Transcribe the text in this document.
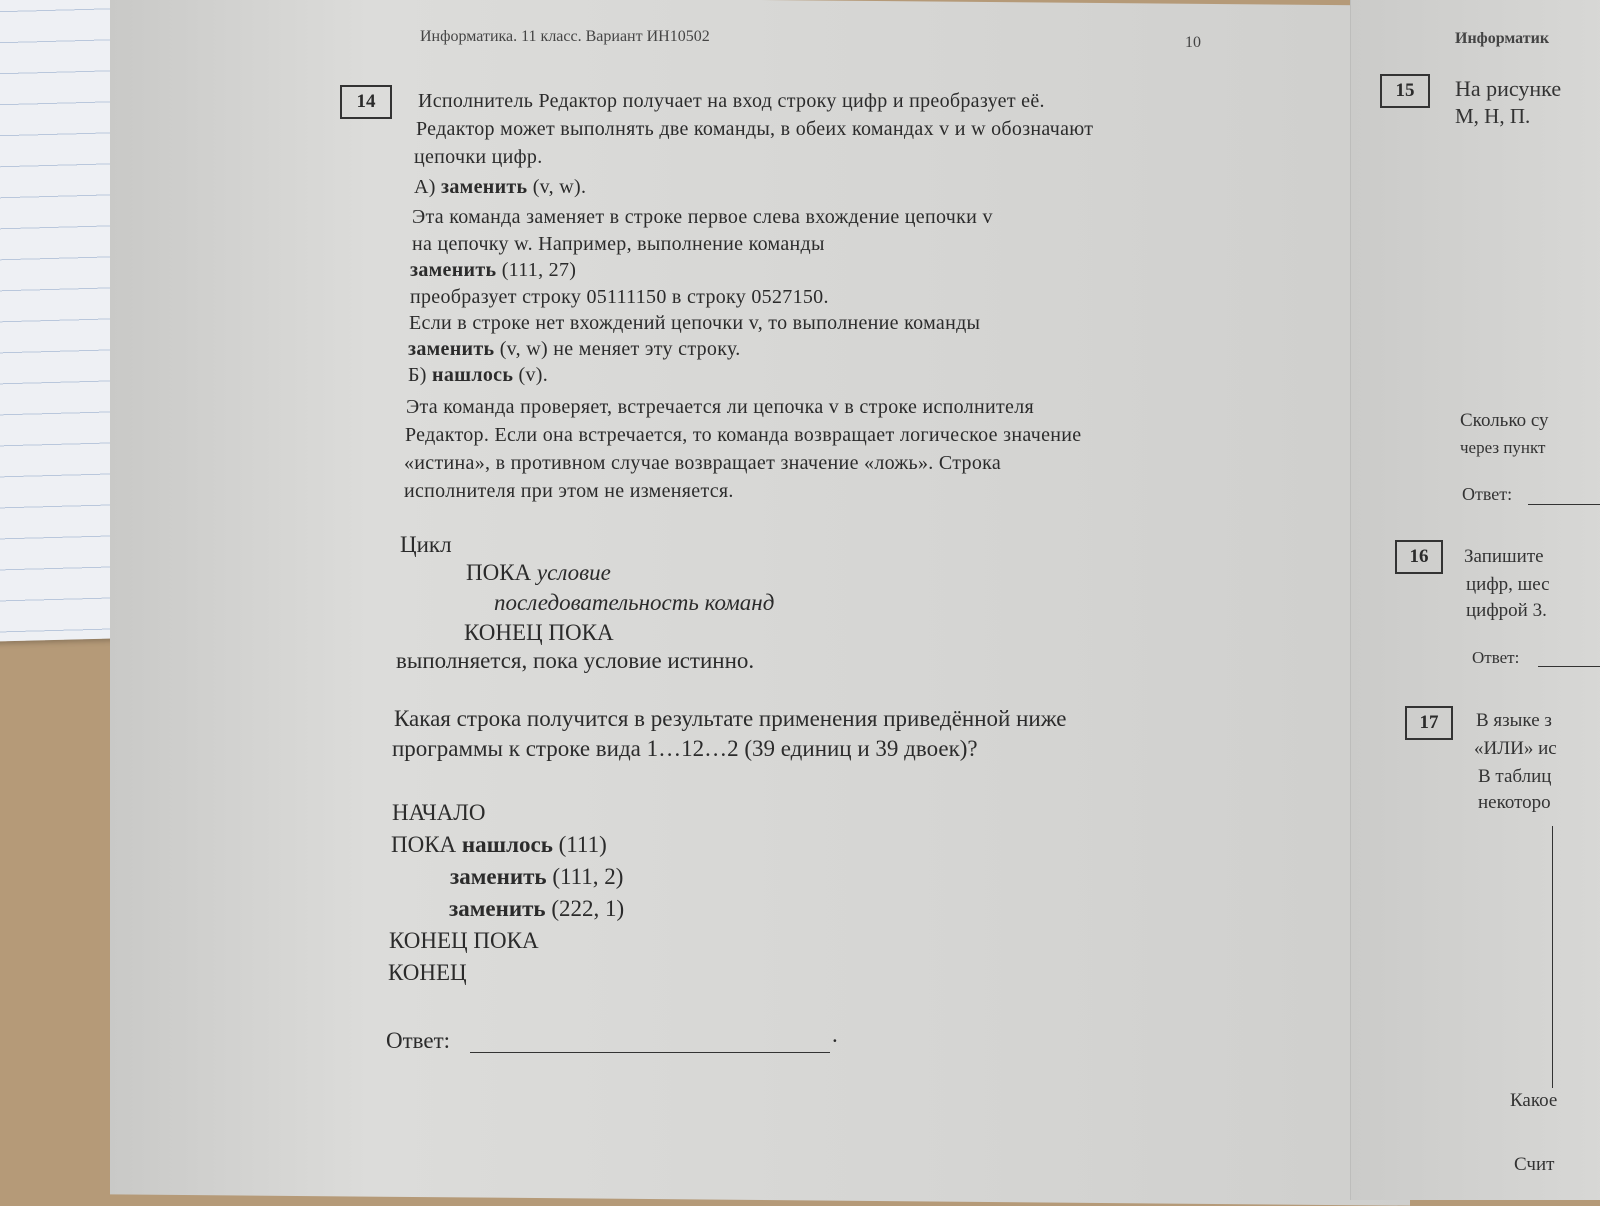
Информатика. 11 класс. Вариант ИН10502	10	Информатик
14	Исполнитель Редактор получает на вход строку цифр и преобразует её.
Редактор может выполнять две команды, в обеих командах v и w обозначают
цепочки цифр.
А) заменить (v, w).
Эта команда заменяет в строке первое слева вхождение цепочки v
на цепочку w. Например, выполнение команды
заменить (111, 27)
преобразует строку 05111150 в строку 0527150.
Если в строке нет вхождений цепочки v, то выполнение команды
заменить (v, w) не меняет эту строку.
Б) нашлось (v).
Эта команда проверяет, встречается ли цепочка v в строке исполнителя
Редактор. Если она встречается, то команда возвращает логическое значение
«истина», в противном случае возвращает значение «ложь». Строка
исполнителя при этом не изменяется.
Цикл
ПОКА условие
последовательность команд
КОНЕЦ ПОКА
выполняется, пока условие истинно.
Какая строка получится в результате применения приведённой ниже
программы к строке вида 1…12…2 (39 единиц и 39 двоек)?
НАЧАЛО
ПОКА нашлось (111)
заменить (111, 2)
заменить (222, 1)
КОНЕЦ ПОКА
КОНЕЦ
Ответ:	.
15	На рисунке
М, Н, П.
Сколько су
через пункт
Ответ:
16	Запишите
цифр, шес
цифрой 3.
Ответ:
17	В языке з
«ИЛИ» ис
В таблиц
некоторо
Какое
Счит
